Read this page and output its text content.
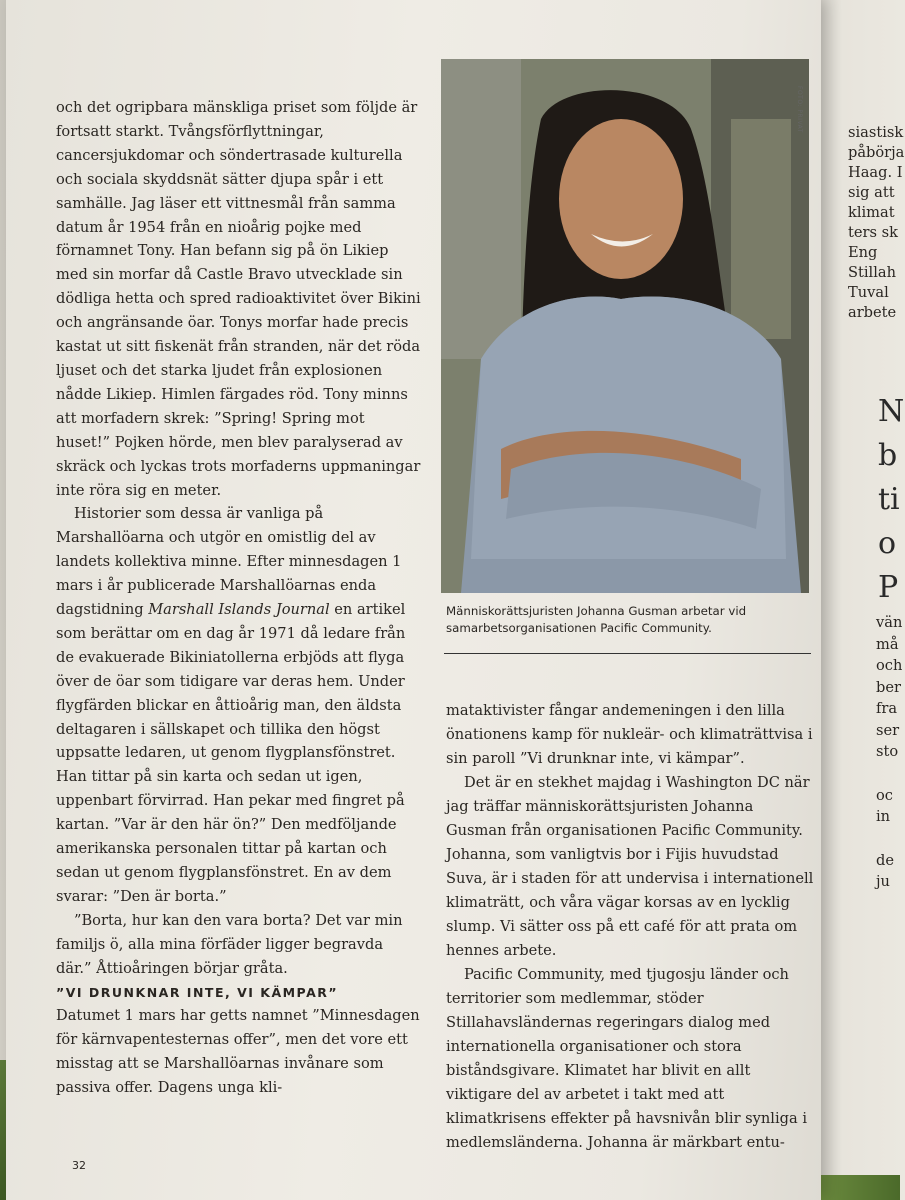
och det ogripbara mänskliga priset som följde är fortsatt starkt. Tvångsförflyttningar, cancersjukdomar och söndertrasade kulturella och sociala skyddsnät sätter djupa spår i ett samhälle. Jag läser ett vittnesmål från samma datum år 1954 från en nioårig pojke med förnamnet Tony. Han befann sig på ön Likiep med sin morfar då Castle Bravo utvecklade sin dödliga hetta och spred radioaktivitet över Bikini och angränsande öar. Tonys morfar hade precis kastat ut sitt fiskenät från stranden, när det röda ljuset och det starka ljudet från explosionen nådde Likiep. Himlen färgades röd. Tony minns att morfadern skrek: ”Spring! Spring mot huset!” Pojken hörde, men blev paralyserad av skräck och lyckas trots morfaderns uppmaningar inte röra sig en meter.

Historier som dessa är vanliga på Marshallöarna och utgör en omistlig del av landets kollektiva minne. Efter minnesdagen 1 mars i år publicerade Marshallöarnas enda dagstidning Marshall Islands Journal en artikel som berättar om en dag år 1971 då ledare från de evakuerade Bikiniatollerna erbjöds att flyga över de öar som tidigare var deras hem. Under flygfärden blickar en åttioårig man, den äldsta deltagaren i sällskapet och tillika den högst uppsatte ledaren, ut genom flygplansfönstret. Han tittar på sin karta och sedan ut igen, uppenbart förvirrad. Han pekar med fingret på kartan. ”Var är den här ön?” Den medföljande amerikanska personalen tittar på kartan och sedan ut genom flygplansfönstret. En av dem svarar: ”Den är borta.”

”Borta, hur kan den vara borta? Det var min familjs ö, alla mina förfäder ligger begravda där.” Åttioåringen börjar gråta.

”VI DRUNKNAR INTE, VI KÄMPAR”

Datumet 1 mars har getts namnet ”Minnesdagen för kärnvapentesternas offer”, men det vore ett misstag att se Marshallöarnas invånare som passiva offer. Dagens unga kli-

FOTO: PRIVAT
Människorättsjuristen Johanna Gusman arbetar vid samarbetsorganisationen Pacific Community.

mataktivister fångar andemeningen i den lilla önationens kamp för nukleär- och klimaträttvisa i sin paroll ”Vi drunknar inte, vi kämpar”.

Det är en stekhet majdag i Washington DC när jag träffar människorättsjuristen Johanna Gusman från organisationen Pacific Community. Johanna, som vanligtvis bor i Fijis huvudstad Suva, är i staden för att undervisa i internationell klimaträtt, och våra vägar korsas av en lycklig slump. Vi sätter oss på ett café för att prata om hennes arbete.

Pacific Community, med tjugosju länder och territorier som medlemmar, stöder Stillahavsländernas regeringars dialog med internationella organisationer och stora biståndsgivare. Klimatet har blivit en allt viktigare del av arbetet i takt med att klimatkrisens effekter på havsnivån blir synliga i medlemsländerna. Johanna är märkbart entu-

32
siastisk
påbörja
Haag. I
sig att
klimat
ters sk
Eng
Stillah
Tuval
arbete
N
b
ti
o
P
vän
må
och
ber
fra
ser
sto
oc
in
de
ju
